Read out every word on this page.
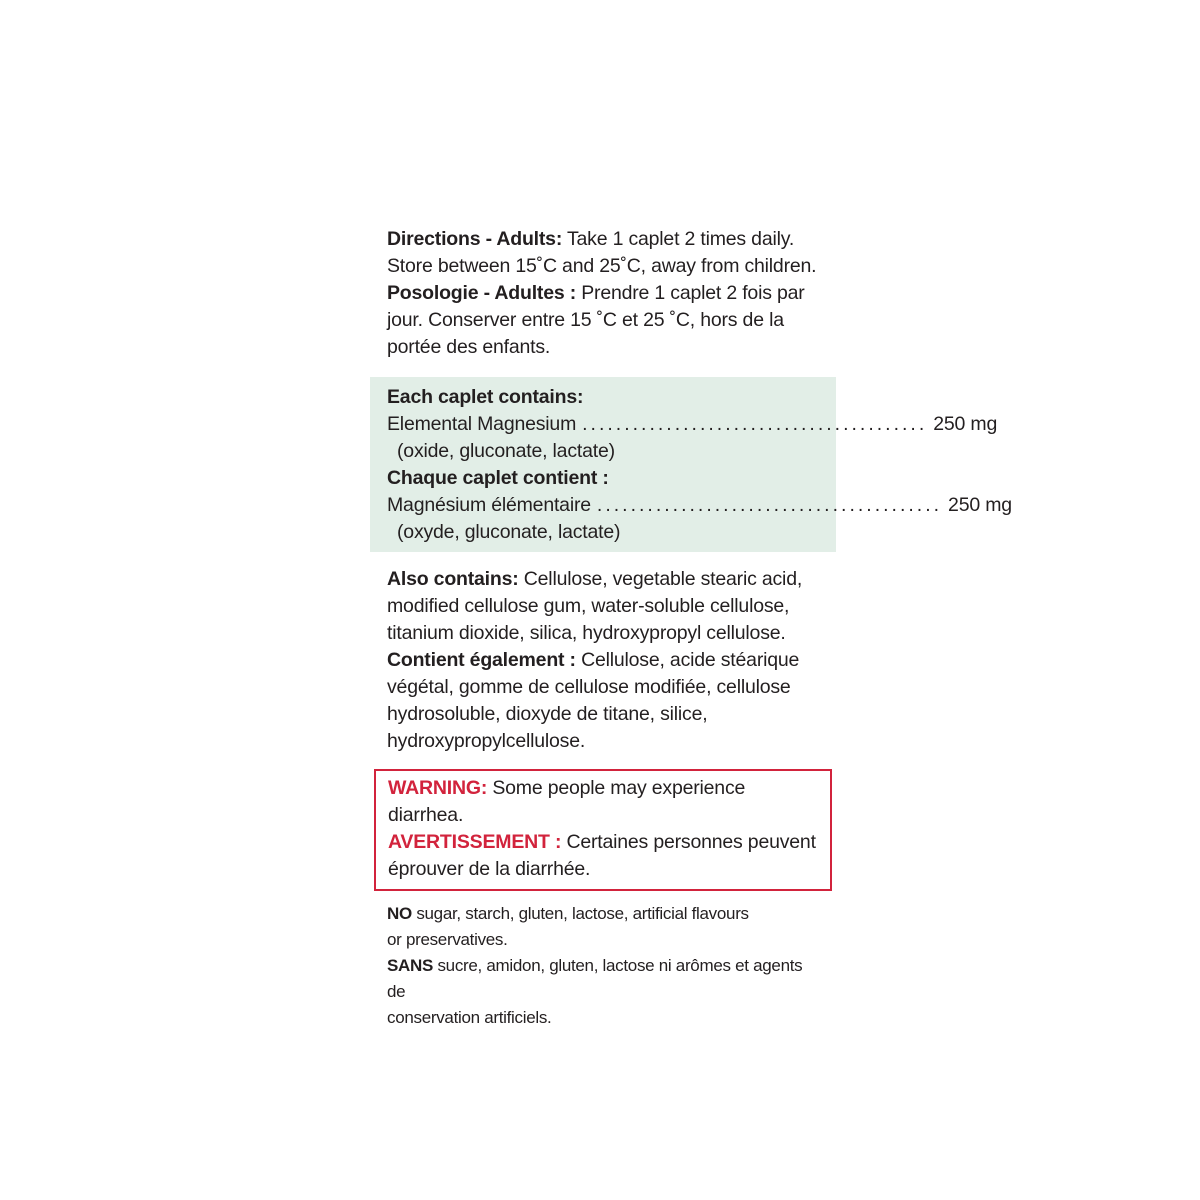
Directions - Adults: Take 1 caplet 2 times daily.

Store between 15˚C and 25˚C, away from children.

Posologie - Adultes : Prendre 1 caplet 2 fois par

jour. Conserver entre 15 ˚C et 25 ˚C, hors de la

portée des enfants.

Each caplet contains:

Elemental Magnesium ......................................... 250 mg

(oxide, gluconate, lactate)

Chaque caplet contient :

Magnésium élémentaire ......................................... 250 mg

(oxyde, gluconate, lactate)

Also contains: Cellulose, vegetable stearic acid,

modified cellulose gum, water-soluble cellulose,

titanium dioxide, silica, hydroxypropyl cellulose.

Contient également : Cellulose, acide stéarique

végétal, gomme de cellulose modifiée, cellulose

hydrosoluble, dioxyde de titane, silice,

hydroxypropylcellulose.

WARNING: Some people may experience diarrhea.

AVERTISSEMENT : Certaines personnes peuvent

éprouver de la diarrhée.

NO sugar, starch, gluten, lactose, artificial flavours

or preservatives.

SANS sucre, amidon, gluten, lactose ni arômes et agents de

conservation artificiels.
